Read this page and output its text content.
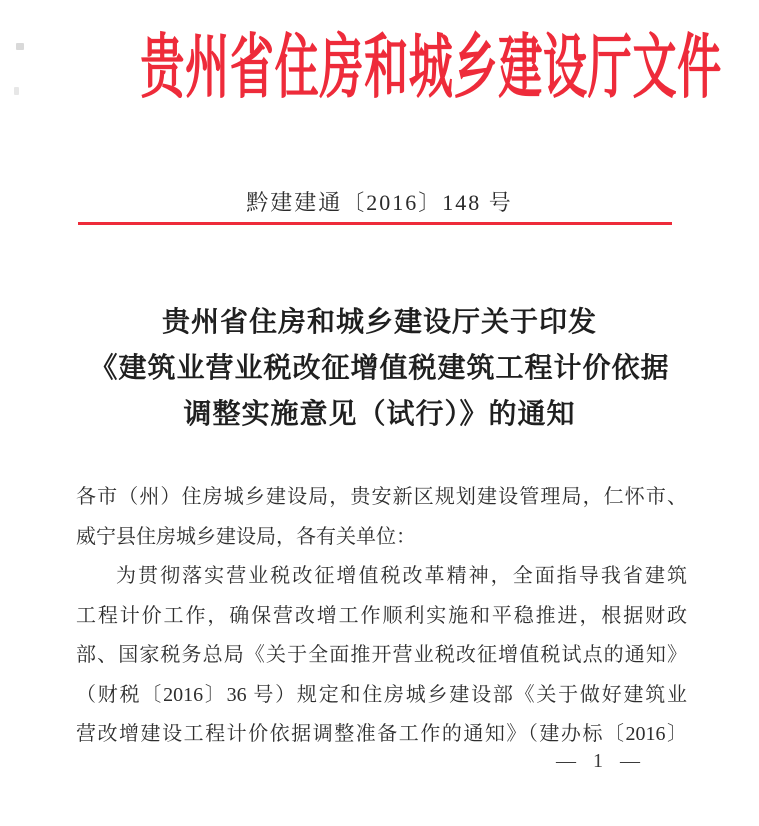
贵州省住房和城乡建设厅文件
黔建建通〔2016〕148 号
贵州省住房和城乡建设厅关于印发
《建筑业营业税改征增值税建筑工程计价依据
调整实施意见（试行）》的通知
各市（州）住房城乡建设局，贵安新区规划建设管理局，仁怀市、
威宁县住房城乡建设局，各有关单位：
为贯彻落实营业税改征增值税改革精神，全面指导我省建筑
工程计价工作，确保营改增工作顺利实施和平稳推进，根据财政
部、国家税务总局《关于全面推开营业税改征增值税试点的通知》
（财税〔2016〕36 号）规定和住房城乡建设部《关于做好建筑业
营改增建设工程计价依据调整准备工作的通知》（建办标〔2016〕
— 1 —
